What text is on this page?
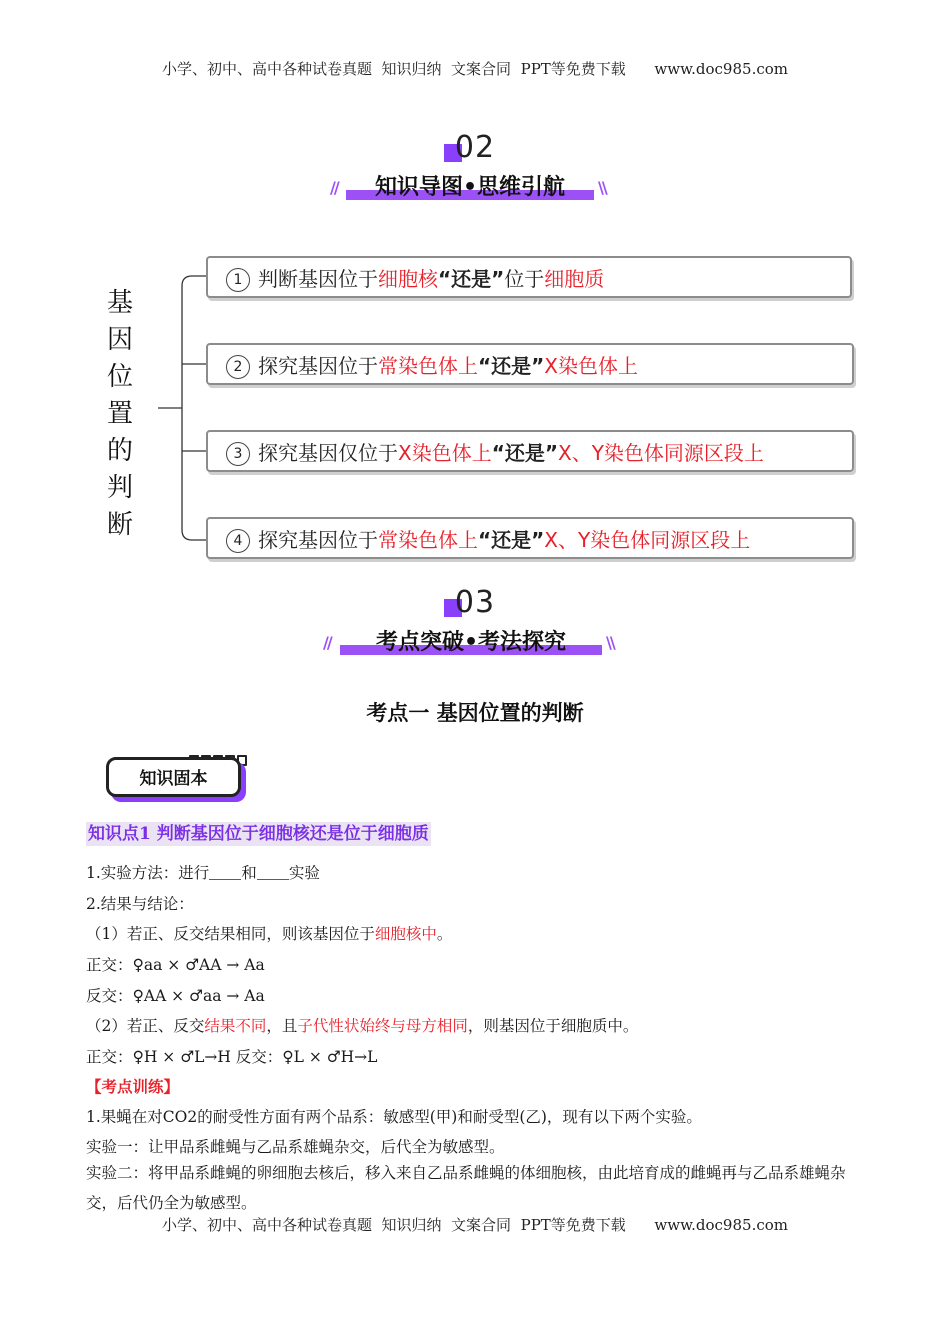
小学、初中、高中各种试卷真题  知识归纳  文案合同  PPT等免费下载      www.doc985.com
02
//	知识导图•思维引航	\\
基
因
位
置
的
判
断
1 判断基因位于细胞核“还是”位于细胞质
2 探究基因位于常染色体上“还是”X染色体上
3 探究基因仅位于X染色体上“还是”X、Y染色体同源区段上
4 探究基因位于常染色体上“还是”X、Y染色体同源区段上
03
//	考点突破•考法探究	\\
考点一 基因位置的判断
知识固本
知识点1 判断基因位于细胞核还是位于细胞质
1.实验方法：进行 和 实验
2.结果与结论：
（1）若正、反交结果相同，则该基因位于细胞核中。
正交：♀aa × ♂AA → Aa
反交：♀AA × ♂aa → Aa
（2）若正、反交结果不同，且子代性状始终与母方相同，则基因位于细胞质中。
正交：♀H × ♂L→H 反交：♀L × ♂H→L
【考点训练】
1.果蝇在对CO2的耐受性方面有两个品系：敏感型(甲)和耐受型(乙)，现有以下两个实验。
实验一：让甲品系雌蝇与乙品系雄蝇杂交，后代全为敏感型。
实验二：将甲品系雌蝇的卵细胞去核后，移入来自乙品系雌蝇的体细胞核，由此培育成的雌蝇再与乙品系雄蝇杂交，后代仍全为敏感型。
小学、初中、高中各种试卷真题  知识归纳  文案合同  PPT等免费下载      www.doc985.com
